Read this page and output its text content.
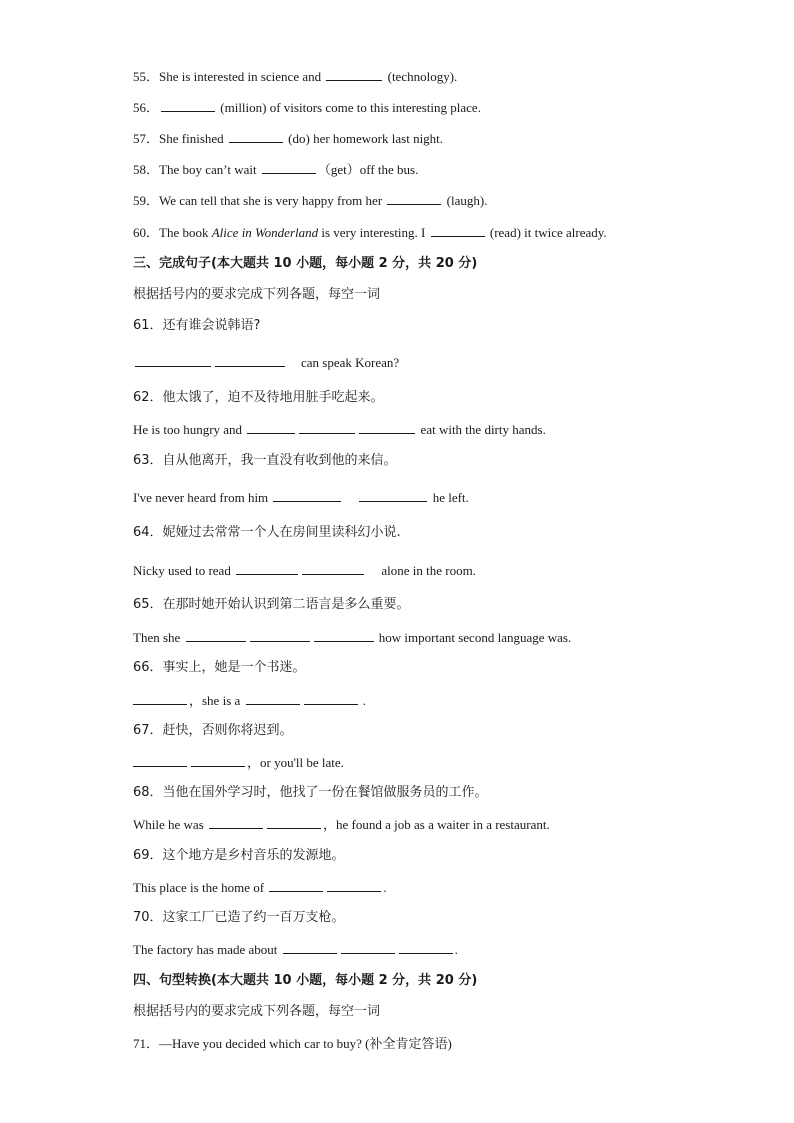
55．She is interested in science and	(technology).
56．	(million) of visitors come to this interesting place.
57．She finished	(do) her homework last night.
58．The boy can’t wait	（get）off the bus.
59．We can tell that she is very happy from her	(laugh).
60．The book Alice in Wonderland is very interesting. I	(read) it twice already.
三、完成句子(本大题共 10 小题，每小题 2 分，共 20 分)
根据括号内的要求完成下列各题，每空一词
61．还有谁会说韩语?
can speak Korean?
62．他太饿了，迫不及待地用脏手吃起来。
He is too hungry and	eat with the dirty hands.
63．自从他离开，我一直没有收到他的来信。
I've never heard from him	he left.
64．妮娅过去常常一个人在房间里读科幻小说.
Nicky used to read	alone in the room.
65．在那时她开始认识到第二语言是多么重要。
Then she	how important second language was.
66．事实上，她是一个书迷。
，she is a	.
67．赶快，否则你将迟到。
，or you'll be late.
68．当他在国外学习时，他找了一份在餐馆做服务员的工作。
While he was	，he found a job as a waiter in a restaurant.
69．这个地方是乡村音乐的发源地。
This place is the home of	.
70．这家工厂已造了约一百万支枪。
The factory has made about	.
四、句型转换(本大题共 10 小题，每小题 2 分，共 20 分)
根据括号内的要求完成下列各题，每空一词
71．—Have you decided which car to buy? (补全肯定答语)
